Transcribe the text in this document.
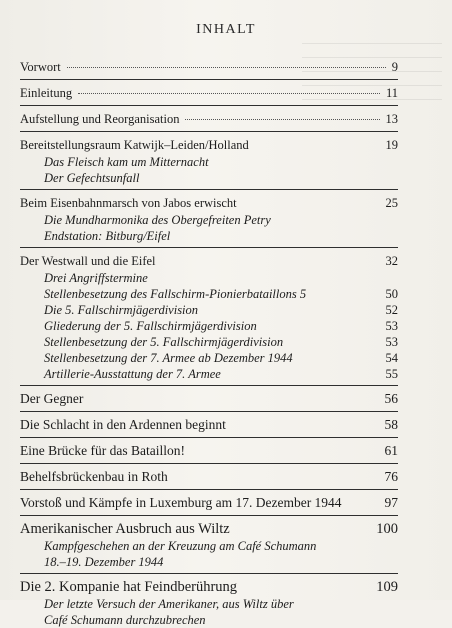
INHALT
Vorwort	9
Einleitung	11
Aufstellung und Reorganisation	13
Bereitstellungsraum Katwijk–Leiden/Holland	19
Das Fleisch kam um Mitternacht
Der Gefechtsunfall
Beim Eisenbahnmarsch von Jabos erwischt	25
Die Mundharmonika des Obergefreiten Petry
Endstation: Bitburg/Eifel
Der Westwall und die Eifel	32
Drei Angriffstermine
Stellenbesetzung des Fallschirm-Pionierbataillons 5	50
Die 5. Fallschirmjägerdivision	52
Gliederung der 5. Fallschirmjägerdivision	53
Stellenbesetzung der 5. Fallschirmjägerdivision	53
Stellenbesetzung der 7. Armee ab Dezember 1944	54
Artillerie-Ausstattung der 7. Armee	55
Der Gegner	56
Die Schlacht in den Ardennen beginnt	58
Eine Brücke für das Bataillon!	61
Behelfsbrückenbau in Roth	76
Vorstoß und Kämpfe in Luxemburg am 17. Dezember 1944	97
Amerikanischer Ausbruch aus Wiltz	100
Kampfgeschehen an der Kreuzung am Café Schumann
18.–19. Dezember 1944
Die 2. Kompanie hat Feindberührung	109
Der letzte Versuch der Amerikaner, aus Wiltz über
Café Schumann durchzubrechen
